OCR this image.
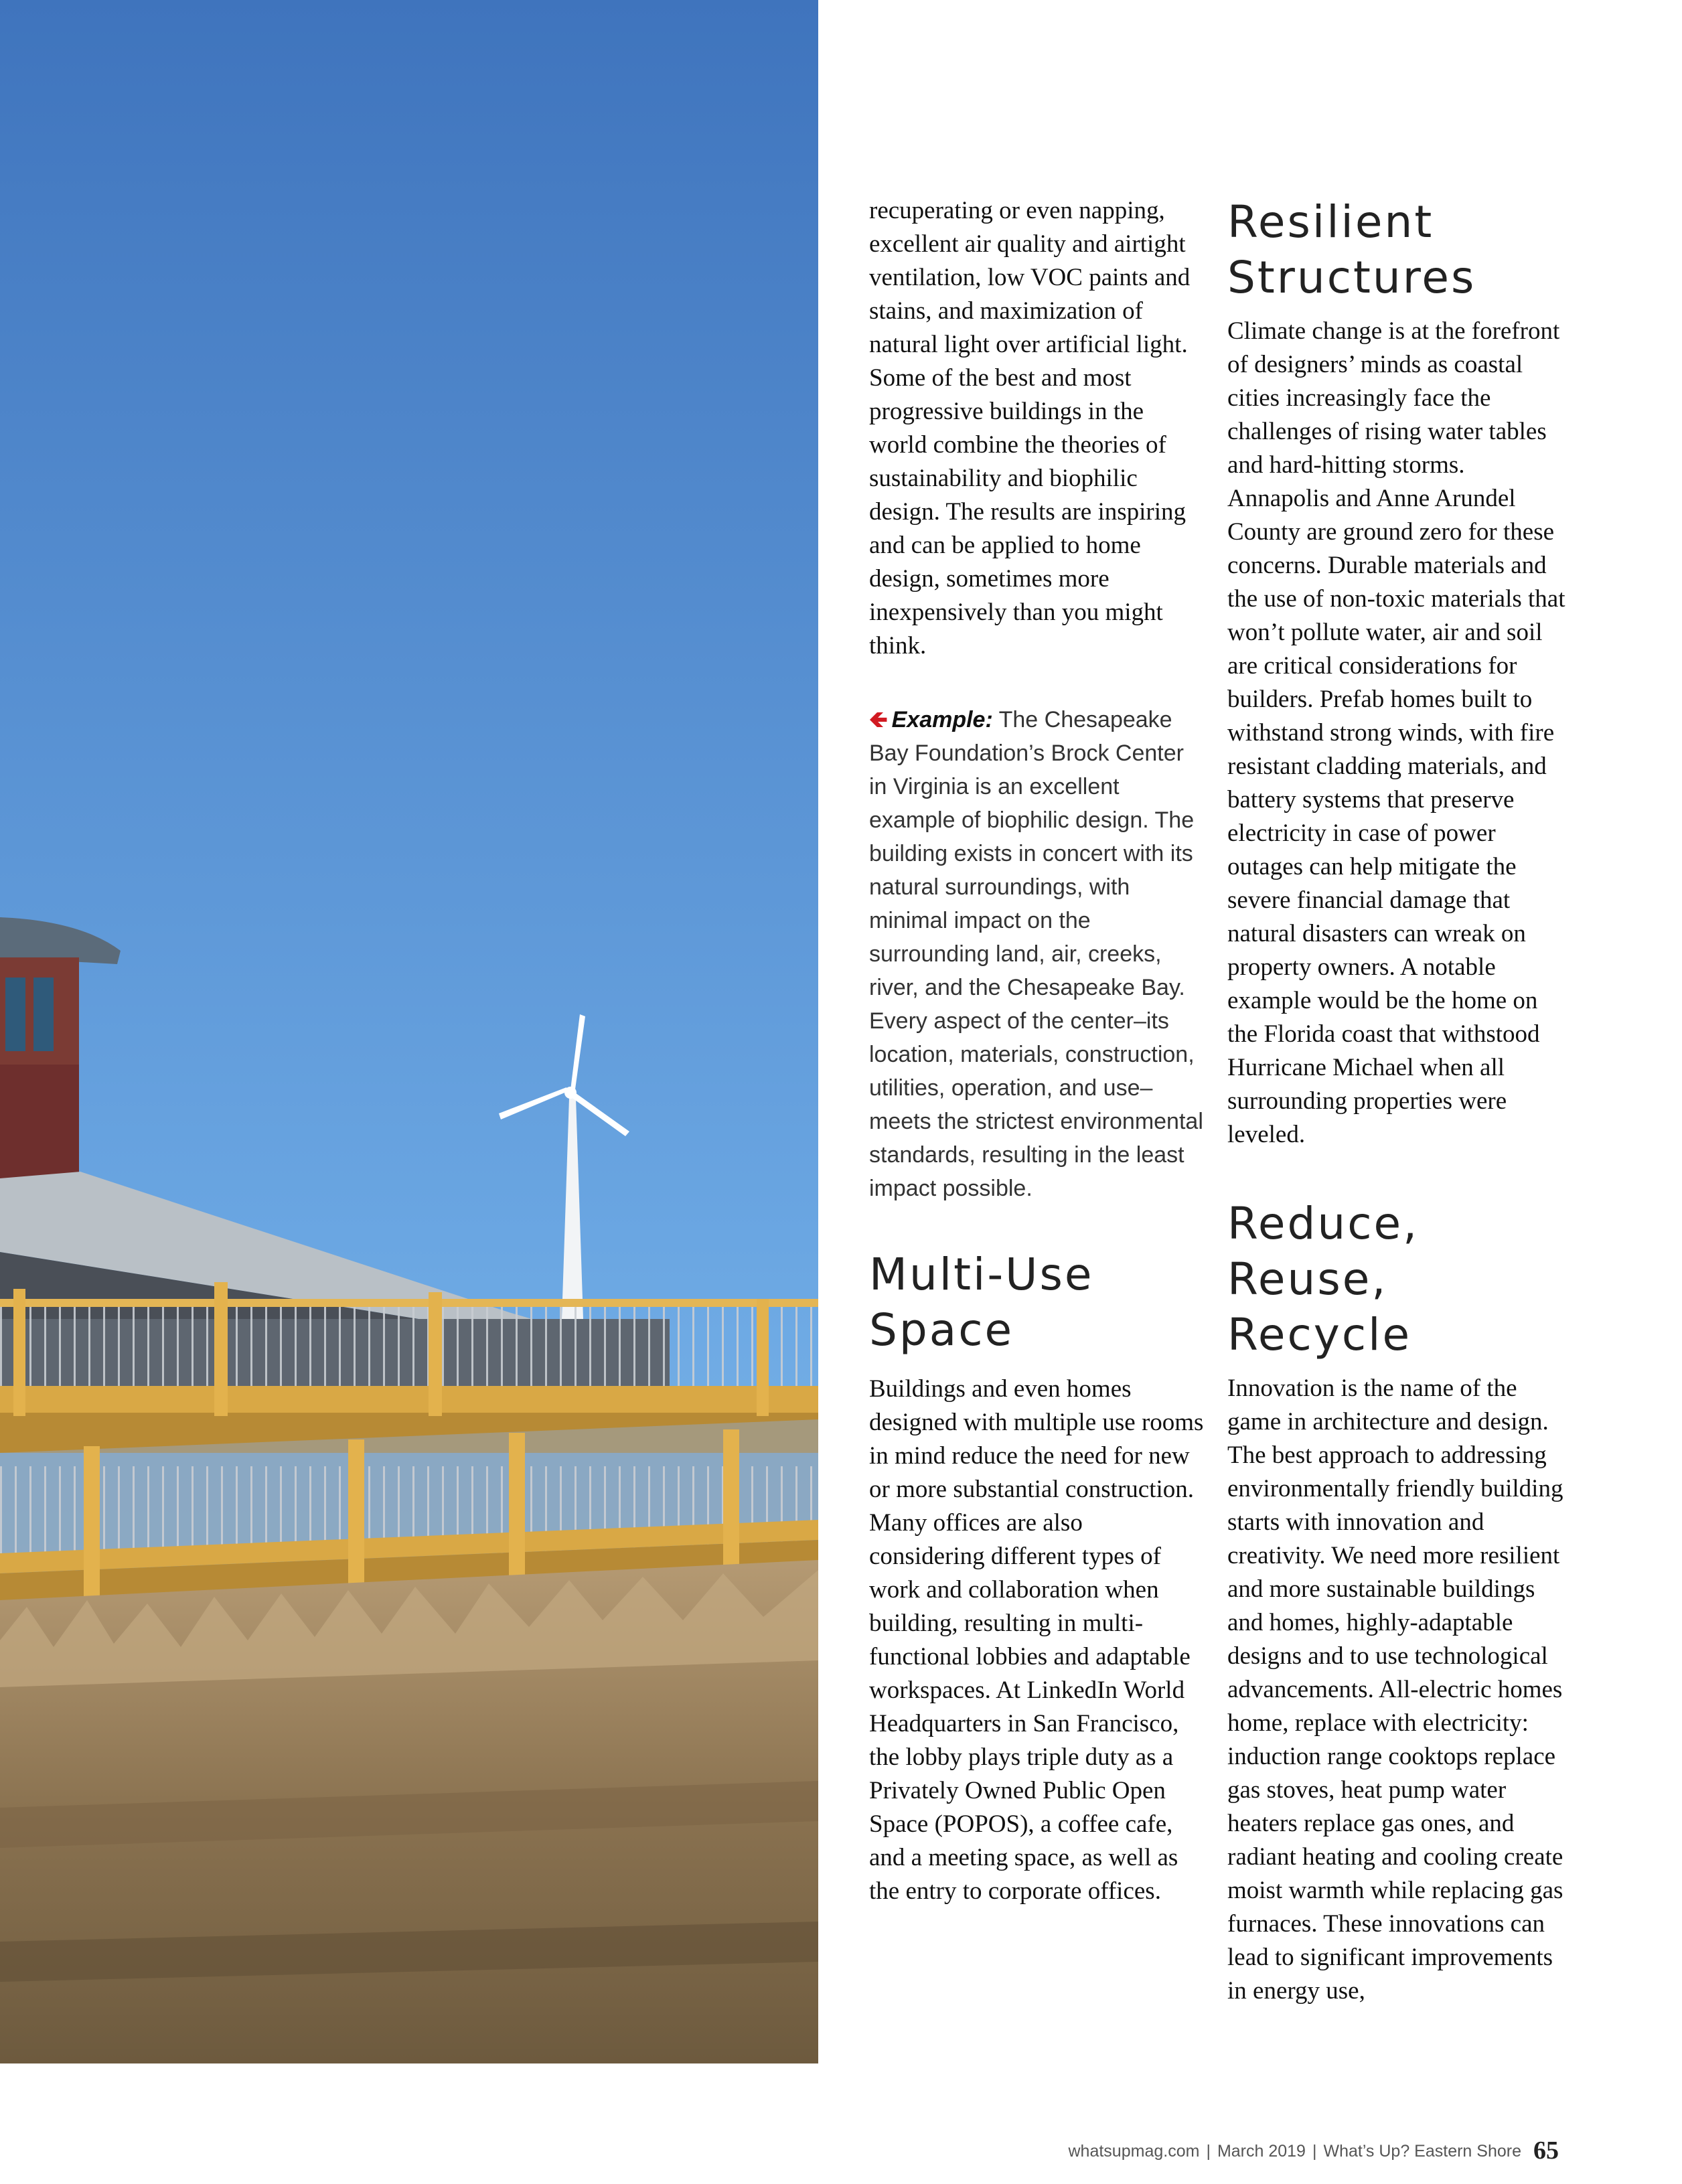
recuperating or even napping, excellent air quality and airtight ventilation, low VOC paints and stains, and maximization of natural light over artificial light. Some of the best and most progressive buildings in the world combine the theories of sustainability and biophilic design. The results are inspiring and can be applied to home design, sometimes more inexpensively than you might think.

🡸 Example: The Chesapeake Bay Foundation’s Brock Center in Virginia is an excellent example of biophilic design. The building exists in concert with its natural surroundings, with minimal impact on the surrounding land, air, creeks, river, and the Chesapeake Bay. Every aspect of the center–its location, materials, construction, utilities, operation, and use–meets the strictest environmental standards, resulting in the least impact possible.

Multi-Use Space

Buildings and even homes designed with multiple use rooms in mind reduce the need for new or more substantial construction. Many offices are also considering different types of work and collaboration when building, resulting in multi-functional lobbies and adaptable workspaces. At LinkedIn World Headquarters in San Francisco, the lobby plays triple duty as a Privately Owned Public Open Space (POPOS), a coffee cafe, and a meeting space, as well as the entry to corporate offices.

Resilient Structures

Climate change is at the forefront of designers’ minds as coastal cities increasingly face the challenges of rising water tables and hard-hitting storms. Annapolis and Anne Arundel County are ground zero for these concerns. Durable materials and the use of non-toxic materials that won’t pollute water, air and soil are critical considerations for builders. Prefab homes built to withstand strong winds, with fire resistant cladding materials, and battery systems that preserve electricity in case of power outages can help mitigate the severe financial damage that natural disasters can wreak on property owners. A notable example would be the home on the Florida coast that withstood Hurricane Michael when all surrounding properties were leveled.

Reduce, Reuse, Recycle

Innovation is the name of the game in architecture and design. The best approach to addressing environmentally friendly building starts with innovation and creativity. We need more resilient and more sustainable buildings and homes, highly-adaptable designs and to use technological advancements. All-electric homes home, replace with electricity: induction range cooktops replace gas stoves, heat pump water heaters replace gas ones, and radiant heating and cooling create moist warmth while replacing gas furnaces. These innovations can lead to significant improvements in energy use,

whatsupmag.com | March 2019 | What’s Up? Eastern Shore 65
